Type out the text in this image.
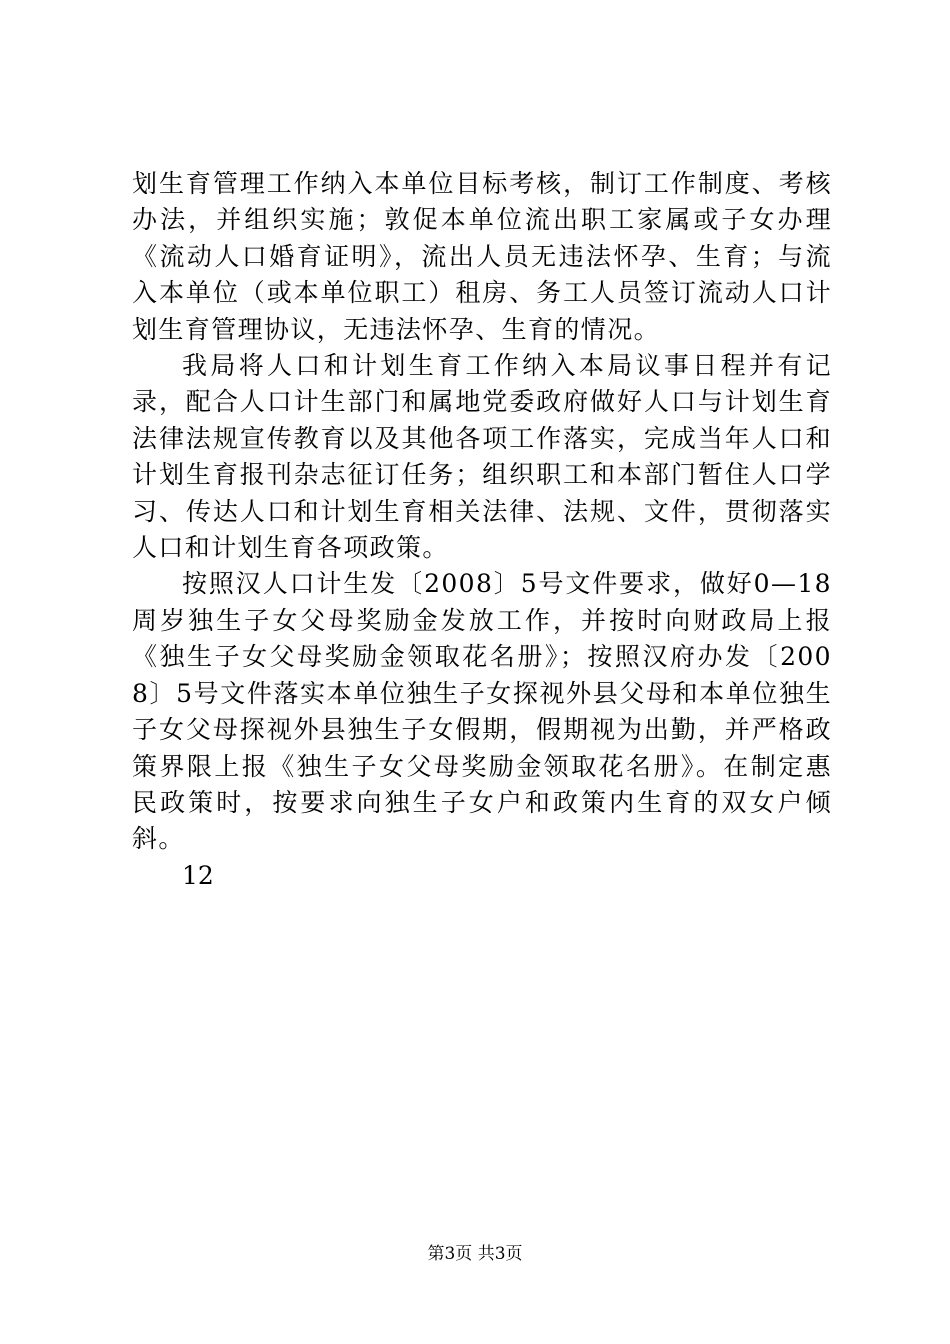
划生育管理工作纳入本单位目标考核，制订工作制度、考核办法，并组织实施；敦促本单位流出职工家属或子女办理《流动人口婚育证明》，流出人员无违法怀孕、生育；与流入本单位（或本单位职工）租房、务工人员签订流动人口计划生育管理协议，无违法怀孕、生育的情况。

我局将人口和计划生育工作纳入本局议事日程并有记录，配合人口计生部门和属地党委政府做好人口与计划生育法律法规宣传教育以及其他各项工作落实，完成当年人口和计划生育报刊杂志征订任务；组织职工和本部门暂住人口学习、传达人口和计划生育相关法律、法规、文件，贯彻落实人口和计划生育各项政策。

按照汉人口计生发〔2008〕5号文件要求，做好0—18周岁独生子女父母奖励金发放工作，并按时向财政局上报《独生子女父母奖励金领取花名册》；按照汉府办发〔2008〕5号文件落实本单位独生子女探视外县父母和本单位独生子女父母探视外县独生子女假期，假期视为出勤，并严格政策界限上报《独生子女父母奖励金领取花名册》。在制定惠民政策时，按要求向独生子女户和政策内生育的双女户倾斜。

12

第3页 共3页
